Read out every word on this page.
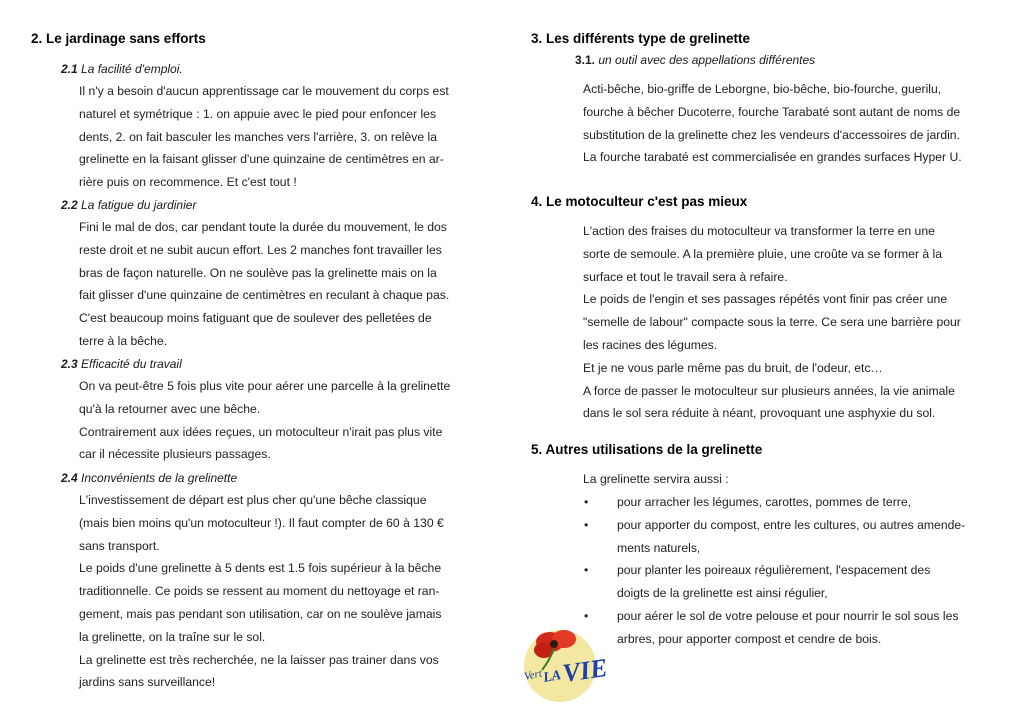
2. Le jardinage sans efforts
2.1 La facilité d'emploi.

Il n'y a besoin d'aucun apprentissage car le mouvement du corps est

naturel et symétrique : 1. on appuie avec le pied pour enfoncer les

dents, 2. on fait basculer les manches vers l'arrière, 3. on relève la

grelinette en la faisant glisser d'une quinzaine de centimètres en ar-

rière puis on recommence. Et c'est tout !

2.2 La fatigue du jardinier

Fini le mal de dos, car pendant toute la durée du mouvement, le dos

reste droit et ne subit aucun effort. Les 2 manches font travailler les

bras de façon naturelle. On ne soulève pas la grelinette mais on la

fait glisser d'une quinzaine de centimètres en reculant à chaque pas.

C'est beaucoup moins fatiguant que de soulever des pelletées de

terre à la bêche.

2.3 Efficacité du travail

On va peut-être 5 fois plus vite pour aérer une parcelle à la grelinette

qu'à la retourner avec une bêche.

Contrairement aux idées reçues, un motoculteur n'irait pas plus vite

car il nécessite plusieurs passages.

2.4 Inconvénients de la grelinette

L'investissement de départ est plus cher qu'une bêche classique

(mais bien moins qu'un motoculteur !). Il faut compter de 60 à 130 €

sans transport.

Le poids d'une grelinette à 5 dents est 1.5 fois supérieur à la bêche

traditionnelle. Ce poids se ressent au moment du nettoyage et ran-

gement, mais pas pendant son utilisation, car on ne soulève jamais

la grelinette, on la traîne sur le sol.

La grelinette est très recherchée, ne la laisser pas trainer dans vos

jardins sans surveillance!

3. Les différents type de grelinette
3.1. un outil avec des appellations différentes

Acti-bêche, bio-griffe de Leborgne, bio-bêche, bio-fourche, guerilu,

fourche à bêcher Ducoterre, fourche Tarabaté sont autant de noms de

substitution de la grelinette chez les vendeurs d'accessoires de jardin.

La fourche tarabaté est commercialisée en grandes surfaces Hyper U.

4. Le motoculteur c'est pas mieux

L'action des fraises du motoculteur va transformer la terre en une

sorte de semoule. A la première pluie, une croûte va se former à la

surface et tout le travail sera à refaire.

Le poids de l'engin et ses passages répétés vont finir pas créer une

"semelle de labour" compacte sous la terre. Ce sera une barrière pour

les racines des légumes.

Et je ne vous parle même pas du bruit, de l'odeur, etc…

A force de passer le motoculteur sur plusieurs années, la vie animale

dans le sol sera réduite à néant, provoquant une asphyxie du sol.

5. Autres utilisations de la grelinette

La grelinette servira aussi :

• pour arracher les légumes, carottes, pommes de terre,
• pour apporter du compost, entre les cultures, ou autres amende-
ments naturels,
• pour planter les poireaux régulièrement, l'espacement des
doigts de la grelinette est ainsi régulier,
• pour aérer le sol de votre pelouse et pour nourrir le sol sous les
arbres, pour apporter compost et cendre de bois.
Vert LA
VIE
